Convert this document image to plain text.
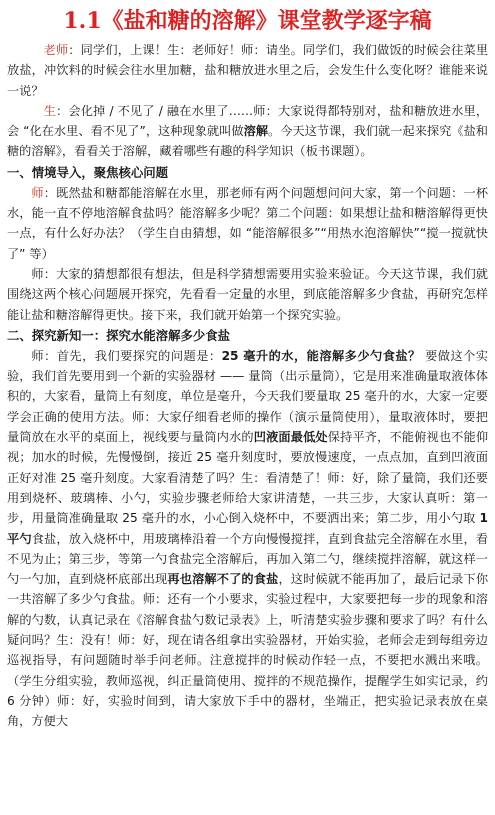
1.1《盐和糖的溶解》课堂教学逐字稿

老师：同学们，上课！生：老师好！师：请坐。同学们，我们做饭的时候会往菜里放盐，冲饮料的时候会往水里加糖，盐和糖放进水里之后，会发生什么变化呀？谁能来说一说？

生：会化掉 / 不见了 / 融在水里了……师：大家说得都特别对，盐和糖放进水里，会 “化在水里、看不见了”，这种现象就叫做溶解。今天这节课，我们就一起来探究《盐和糖的溶解》，看看关于溶解，藏着哪些有趣的科学知识（板书课题）。

一、情境导入，聚焦核心问题

师：既然盐和糖都能溶解在水里，那老师有两个问题想问问大家，第一个问题：一杯水，能一直不停地溶解食盐吗？能溶解多少呢？第二个问题：如果想让盐和糖溶解得更快一点，有什么好办法？（学生自由猜想，如 “能溶解很多”“用热水泡溶解快”“搅一搅就快了” 等）

师：大家的猜想都很有想法，但是科学猜想需要用实验来验证。今天这节课，我们就围绕这两个核心问题展开探究，先看看一定量的水里，到底能溶解多少食盐，再研究怎样能让盐和糖溶解得更快。接下来，我们就开始第一个探究实验。

二、探究新知一：探究水能溶解多少食盐

师：首先，我们要探究的问题是：25 毫升的水，能溶解多少勺食盐？ 要做这个实验，我们首先要用到一个新的实验器材 —— 量筒（出示量筒），它是用来准确量取液体体积的，大家看，量筒上有刻度，单位是毫升，今天我们要量取 25 毫升的水，大家一定要学会正确的使用方法。师：大家仔细看老师的操作（演示量筒使用），量取液体时，要把量筒放在水平的桌面上，视线要与量筒内水的凹液面最低处保持平齐，不能俯视也不能仰视；加水的时候，先慢慢倒，接近 25 毫升刻度时，要放慢速度，一点点加，直到凹液面正好对准 25 毫升刻度。大家看清楚了吗？生：看清楚了！师：好，除了量筒，我们还要用到烧杯、玻璃棒、小勺，实验步骤老师给大家讲清楚，一共三步，大家认真听：第一步，用量筒准确量取 25 毫升的水，小心倒入烧杯中，不要洒出来；第二步，用小勺取 1 平勺食盐，放入烧杯中，用玻璃棒沿着一个方向慢慢搅拌，直到食盐完全溶解在水里，看不见为止；第三步，等第一勺食盐完全溶解后，再加入第二勺，继续搅拌溶解，就这样一勺一勺加，直到烧杯底部出现再也溶解不了的食盐，这时候就不能再加了，最后记录下你一共溶解了多少勺食盐。师：还有一个小要求，实验过程中，大家要把每一步的现象和溶解的勺数，认真记录在《溶解食盐勺数记录表》上，听清楚实验步骤和要求了吗？有什么疑问吗？生：没有！师：好，现在请各组拿出实验器材，开始实验，老师会走到每组旁边巡视指导，有问题随时举手问老师。注意搅拌的时候动作轻一点，不要把水溅出来哦。（学生分组实验，教师巡视，纠正量筒使用、搅拌的不规范操作，提醒学生如实记录，约 6 分钟）师：好，实验时间到，请大家放下手中的器材，坐端正，把实验记录表放在桌角，方便大
